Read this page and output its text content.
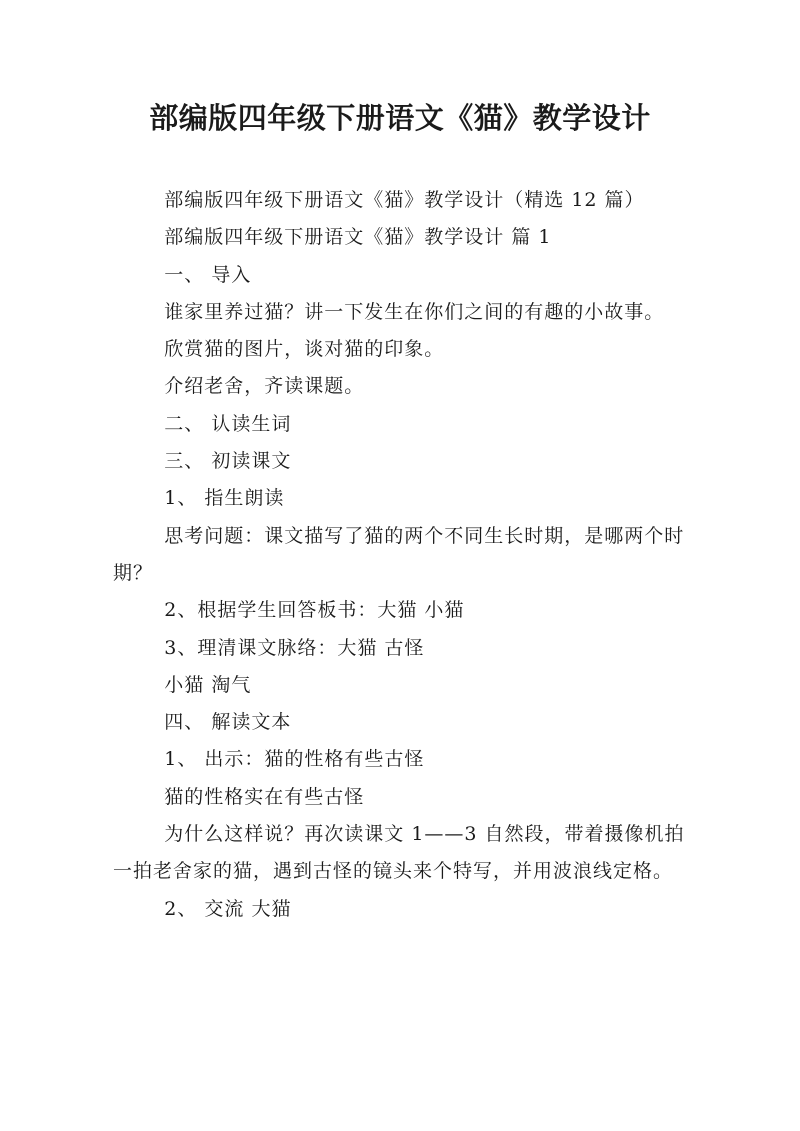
部编版四年级下册语文《猫》教学设计

部编版四年级下册语文《猫》教学设计（精选 12 篇）

部编版四年级下册语文《猫》教学设计 篇 1

一、 导入

谁家里养过猫？讲一下发生在你们之间的有趣的小故事。

欣赏猫的图片，谈对猫的印象。

介绍老舍，齐读课题。

二、 认读生词

三、 初读课文

1、 指生朗读

思考问题：课文描写了猫的两个不同生长时期，是哪两个时期？

2、根据学生回答板书：大猫 小猫

3、理清课文脉络：大猫 古怪

小猫 淘气

四、 解读文本

1、 出示：猫的性格有些古怪

猫的性格实在有些古怪

为什么这样说？再次读课文 1——3 自然段，带着摄像机拍一拍老舍家的猫，遇到古怪的镜头来个特写，并用波浪线定格。

2、 交流 大猫
